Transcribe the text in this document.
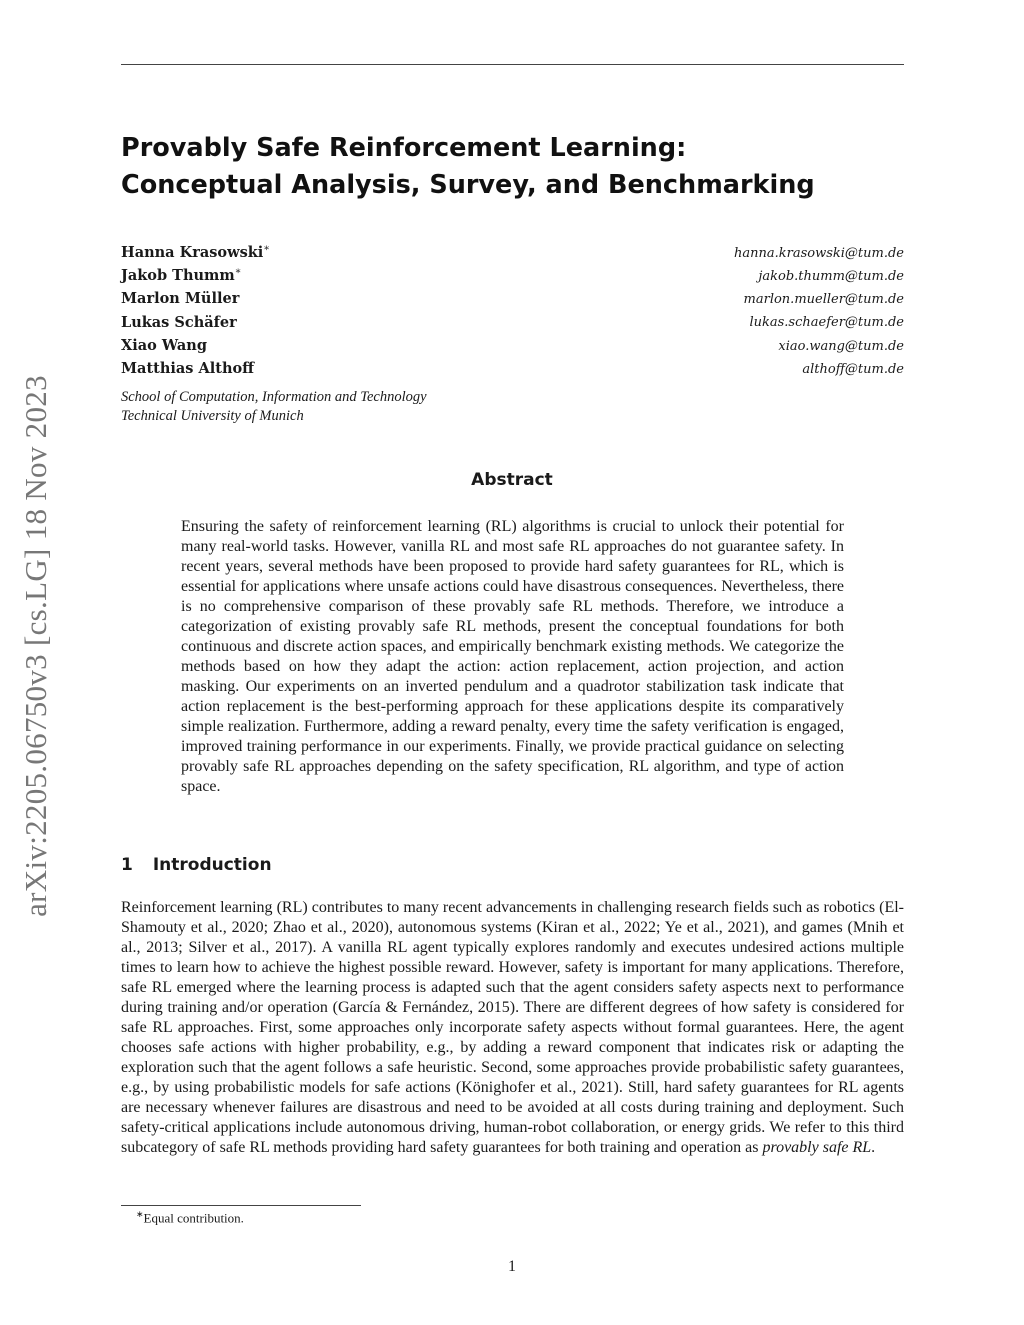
arXiv:2205.06750v3 [cs.LG] 18 Nov 2023
Provably Safe Reinforcement Learning:
Conceptual Analysis, Survey, and Benchmarking
Hanna Krasowski∗	hanna.krasowski@tum.de
Jakob Thumm∗	jakob.thumm@tum.de
Marlon Müller	marlon.mueller@tum.de
Lukas Schäfer	lukas.schaefer@tum.de
Xiao Wang	xiao.wang@tum.de
Matthias Althoff	althoff@tum.de
School of Computation, Information and Technology
Technical University of Munich
Abstract
Ensuring the safety of reinforcement learning (RL) algorithms is crucial to unlock their potential for many real-world tasks. However, vanilla RL and most safe RL approaches do not guarantee safety. In recent years, several methods have been proposed to provide hard safety guarantees for RL, which is essential for applications where unsafe actions could have disastrous consequences. Nevertheless, there is no comprehensive comparison of these provably safe RL methods. Therefore, we introduce a categorization of existing provably safe RL methods, present the conceptual foundations for both continuous and discrete action spaces, and empirically benchmark existing methods. We categorize the methods based on how they adapt the action: action replacement, action projection, and action masking. Our experiments on an inverted pendulum and a quadrotor stabilization task indicate that action replacement is the best-performing approach for these applications despite its comparatively simple realization. Furthermore, adding a reward penalty, every time the safety verification is engaged, improved training performance in our experiments. Finally, we provide practical guidance on selecting provably safe RL approaches depending on the safety specification, RL algorithm, and type of action space.
1 Introduction
Reinforcement learning (RL) contributes to many recent advancements in challenging research fields such as robotics (El-Shamouty et al., 2020; Zhao et al., 2020), autonomous systems (Kiran et al., 2022; Ye et al., 2021), and games (Mnih et al., 2013; Silver et al., 2017). A vanilla RL agent typically explores randomly and executes undesired actions multiple times to learn how to achieve the highest possible reward. However, safety is important for many applications. Therefore, safe RL emerged where the learning process is adapted such that the agent considers safety aspects next to performance during training and/or operation (García & Fernández, 2015). There are different degrees of how safety is considered for safe RL approaches. First, some approaches only incorporate safety aspects without formal guarantees. Here, the agent chooses safe actions with higher probability, e.g., by adding a reward component that indicates risk or adapting the exploration such that the agent follows a safe heuristic. Second, some approaches provide probabilistic safety guarantees, e.g., by using probabilistic models for safe actions (Könighofer et al., 2021). Still, hard safety guarantees for RL agents are necessary whenever failures are disastrous and need to be avoided at all costs during training and deployment. Such safety-critical applications include autonomous driving, human-robot collaboration, or energy grids. We refer to this third subcategory of safe RL methods providing hard safety guarantees for both training and operation as provably safe RL.
∗Equal contribution.
1
